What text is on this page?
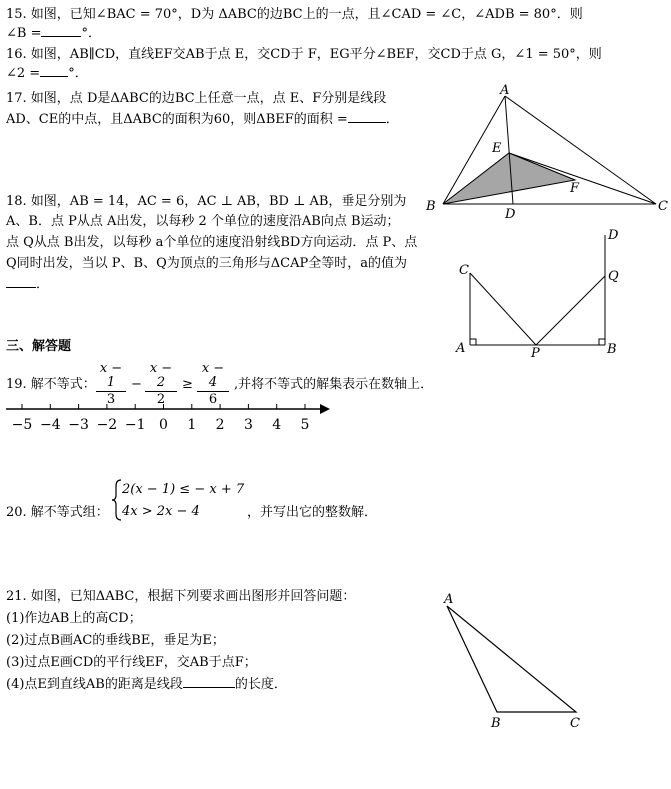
15. 如图，已知∠BAC = 70°，D为 ΔABC的边BC上的一点，且∠CAD = ∠C，∠ADB = 80°．则
∠B =	°．
16. 如图，AB∥CD，直线EF交AB于点 E，交CD于 F，EG平分∠BEF，交CD于点 G，∠1 = 50°，则
∠2 = °．
17. 如图，点 D是ΔABC的边BC上任意一点，点 E、F分别是线段
AD、CE的中点，且ΔABC的面积为60，则ΔBEF的面积 =	．
A
B	C
D
E
F
18. 如图，AB = 14，AC = 6，AC ⊥ AB，BD ⊥ AB，垂足分别为
A、B．点 P从点 A出发，以每秒 2 个单位的速度沿AB向点 B运动；
点 Q从点 B出发，以每秒 a个单位的速度沿射线BD方向运动．点 P、点
Q同时出发，当以 P、B、Q为顶点的三角形与ΔCAP全等时，a的值为
．
C
A	P	B
Q
D
三、解答题
19. 解不等式：
x − 1
3
−
x − 2
2
≥
x − 4
6
,并将不等式的解集表示在数轴上．
−5 −4 −3 −2 −1 0 1 2 3 4 5
20. 解不等式组：
2(x − 1) ≤ − x + 7
4x > 2x − 4	，并写出它的整数解．
21. 如图，已知ΔABC，根据下列要求画出图形并回答问题：
(1)作边AB上的高CD；
(2)过点B画AC的垂线BE，垂足为E；
(3)过点E画CD的平行线EF，交AB于点F；
(4)点E到直线AB的距离是线段	的长度．
A
B	C
